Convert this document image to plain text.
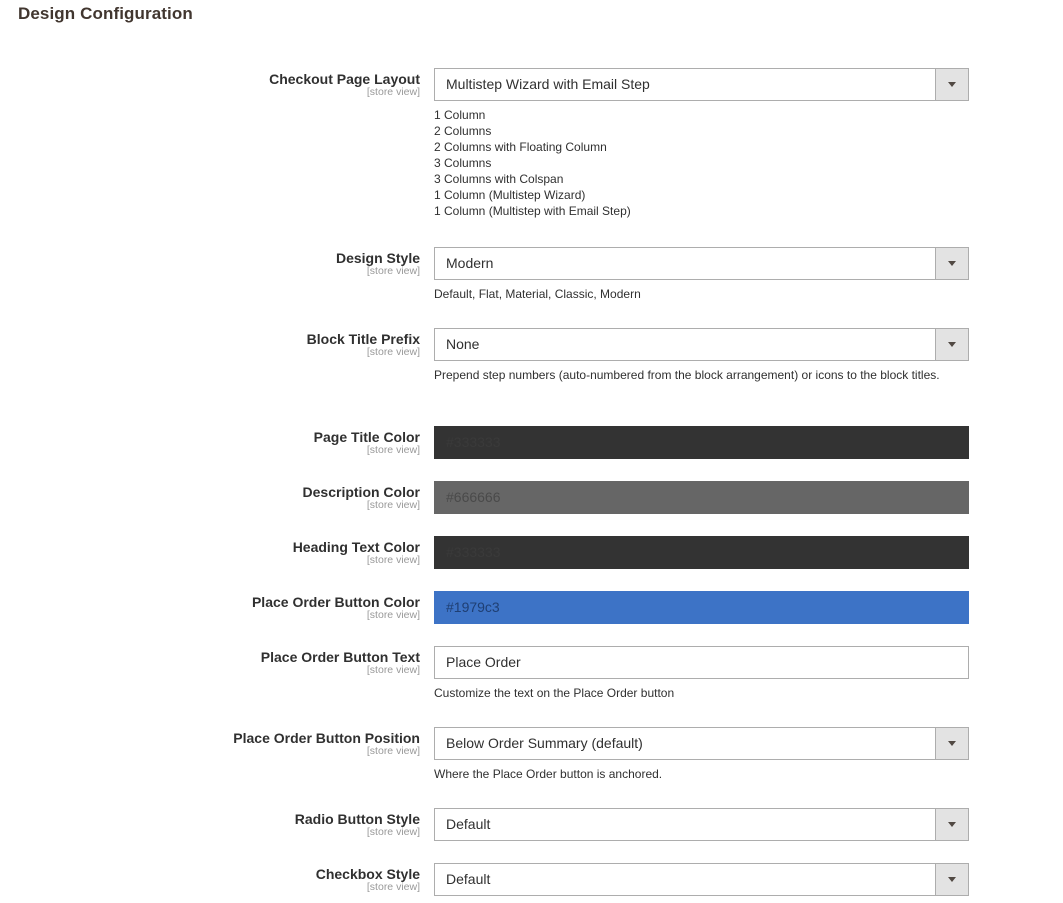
Design Configuration
Checkout Page Layout
[store view]	Multistep Wizard with Email Step
1 Column
2 Columns
2 Columns with Floating Column
3 Columns
3 Columns with Colspan
1 Column (Multistep Wizard)
1 Column (Multistep with Email Step)
Design Style
[store view]	Modern
Default, Flat, Material, Classic, Modern
Block Title Prefix
[store view]	None
Prepend step numbers (auto-numbered from the block arrangement) or icons to the block titles.
Page Title Color
[store view]	#333333
Description Color
[store view]	#666666
Heading Text Color
[store view]	#333333
Place Order Button Color
[store view]	#1979c3
Place Order Button Text
[store view]	Place Order
Customize the text on the Place Order button
Place Order Button Position
[store view]	Below Order Summary (default)
Where the Place Order button is anchored.
Radio Button Style
[store view]	Default
Checkbox Style
[store view]	Default
